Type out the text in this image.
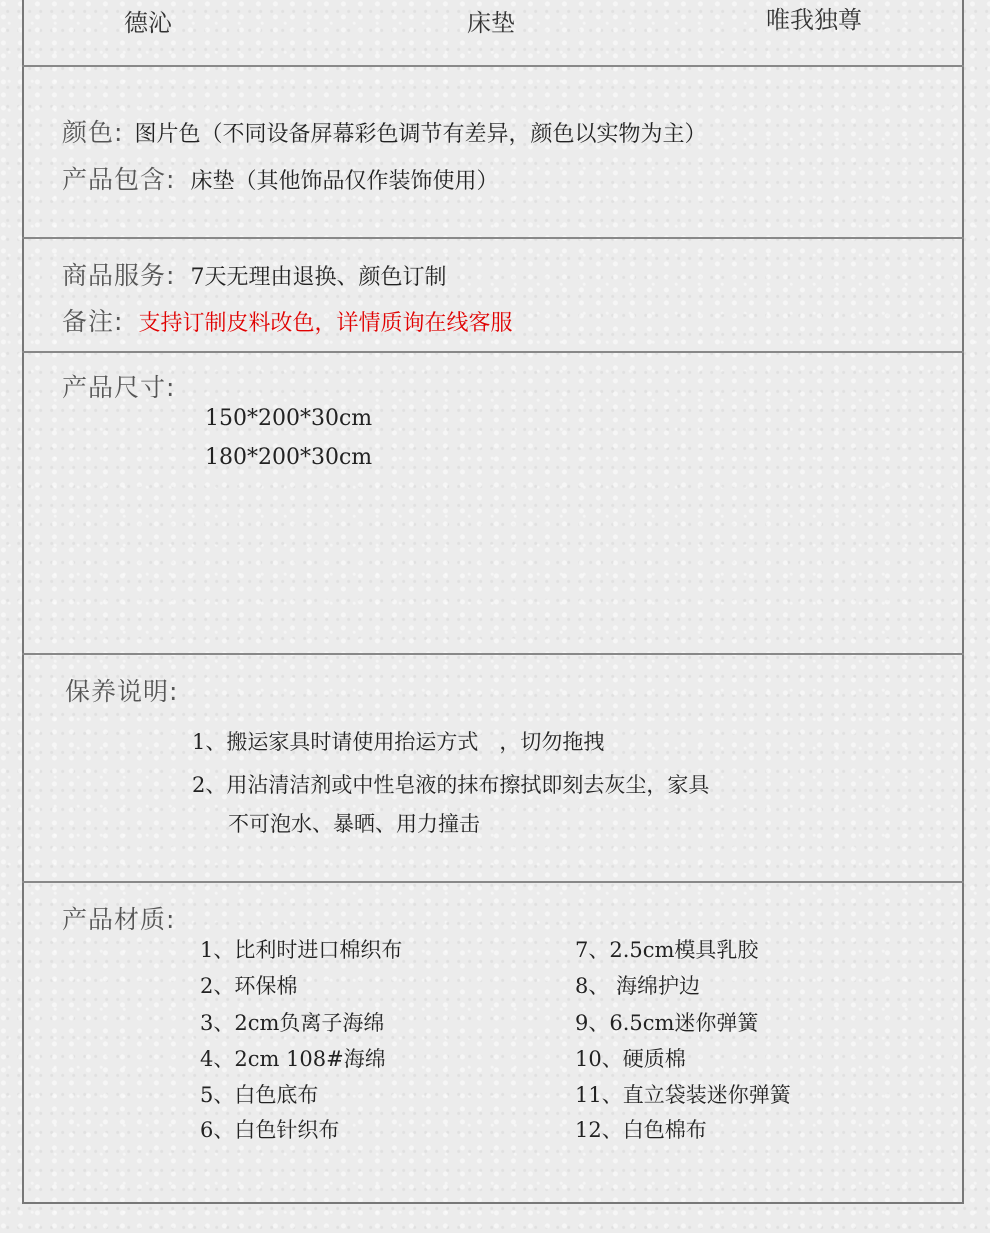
德沁	床垫	唯我独尊
颜色: 图片色（不同设备屏幕彩色调节有差异，颜色以实物为主）
产品包含: 床垫（其他饰品仅作装饰使用）
商品服务: 7天无理由退换、颜色订制
备注: 支持订制皮料改色，详情质询在线客服
产品尺寸:
150*200*30cm
180*200*30cm
保养说明:
1、搬运家具时请使用抬运方式　，切勿拖拽
2、用沾清洁剂或中性皂液的抹布擦拭即刻去灰尘，家具
不可泡水、暴晒、用力撞击
产品材质:
1、比利时进口棉织布
2、环保棉
3、2cm负离子海绵
4、2cm 108#海绵
5、白色底布
6、白色针织布
7、2.5cm模具乳胶
8、 海绵护边
9、6.5cm迷你弹簧
10、硬质棉
11、直立袋装迷你弹簧
12、白色棉布
